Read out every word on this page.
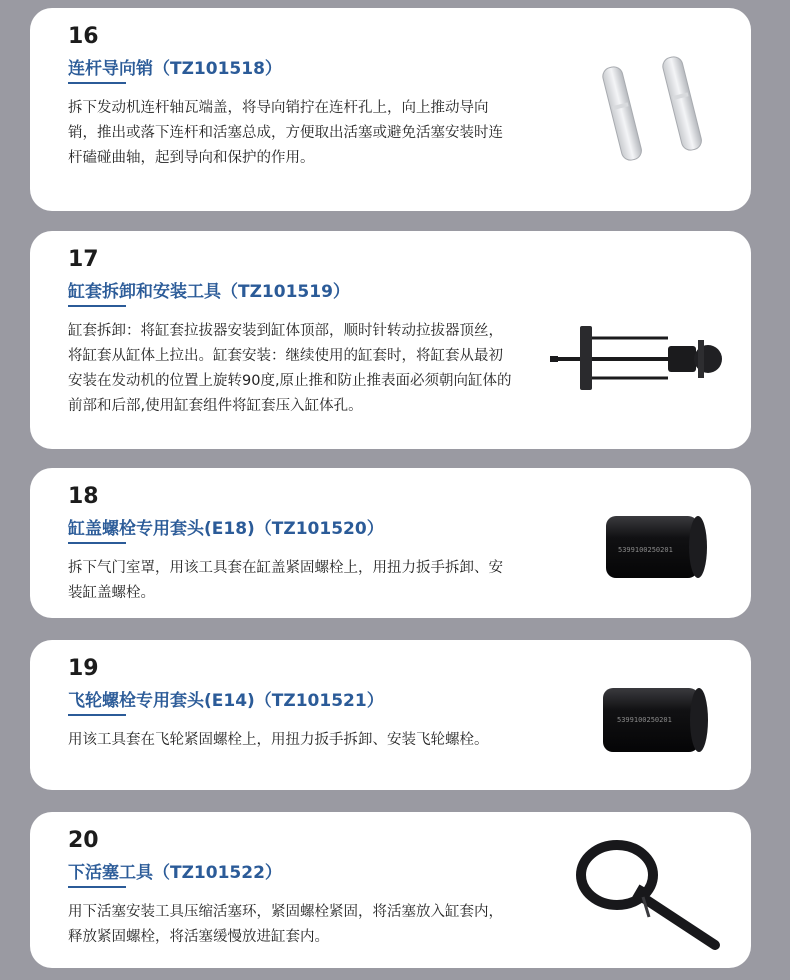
16
连杆导向销（TZ101518）
拆下发动机连杆轴瓦端盖，将导向销拧在连杆孔上，向上推动导向销，推出或落下连杆和活塞总成，方便取出活塞或避免活塞安装时连杆磕碰曲轴，起到导向和保护的作用。
17
缸套拆卸和安装工具（TZ101519）
缸套拆卸：将缸套拉拔器安装到缸体顶部，顺时针转动拉拔器顶丝，将缸套从缸体上拉出。缸套安装：继续使用的缸套时，将缸套从最初安装在发动机的位置上旋转90度,原止推和防止推表面必须朝向缸体的前部和后部,使用缸套组件将缸套压入缸体孔。
18
缸盖螺栓专用套头(E18)（TZ101520）
拆下气门室罩，用该工具套在缸盖紧固螺栓上，用扭力扳手拆卸、安装缸盖螺栓。
5399100250201
19
飞轮螺栓专用套头(E14)（TZ101521）
用该工具套在飞轮紧固螺栓上，用扭力扳手拆卸、安装飞轮螺栓。
5399100250201
20
下活塞工具（TZ101522）
用下活塞安装工具压缩活塞环，紧固螺栓紧固，将活塞放入缸套内，释放紧固螺栓，将活塞缓慢放进缸套内。
